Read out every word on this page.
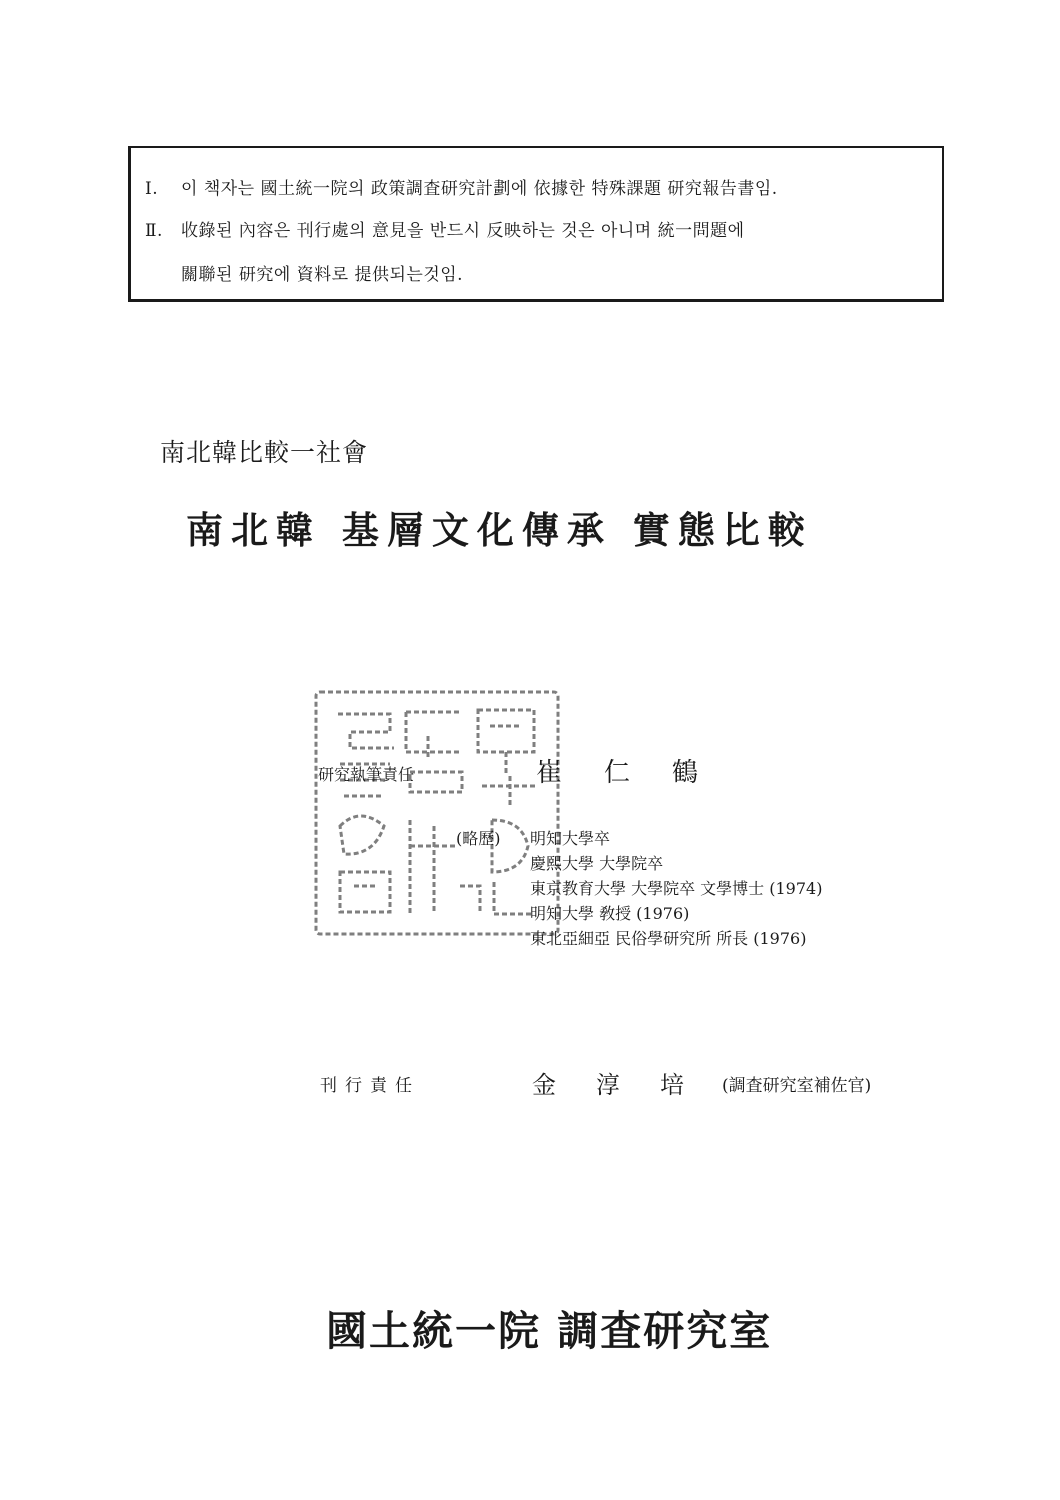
Ⅰ. 이 책자는 國土統一院의 政策調査研究計劃에 依據한 特殊課題 研究報告書임.
Ⅱ. 收錄된 內容은 刊行處의 意見을 반드시 反映하는 것은 아니며 統一問題에
關聯된 研究에 資料로 提供되는것임.
南北韓比較一社會
南北韓 基層文化傳承 實態比較
研究執筆責任	崔仁鶴
(略歷) 明知大學卒
慶熙大學 大學院卒
東京教育大學 大學院卒 文學博士 (1974)
明知大學 敎授 (1976)
東北亞細亞 民俗學研究所 所長 (1976)
刊行責任	金淳培
(調査研究室補佐官)
國土統一院 調査研究室
